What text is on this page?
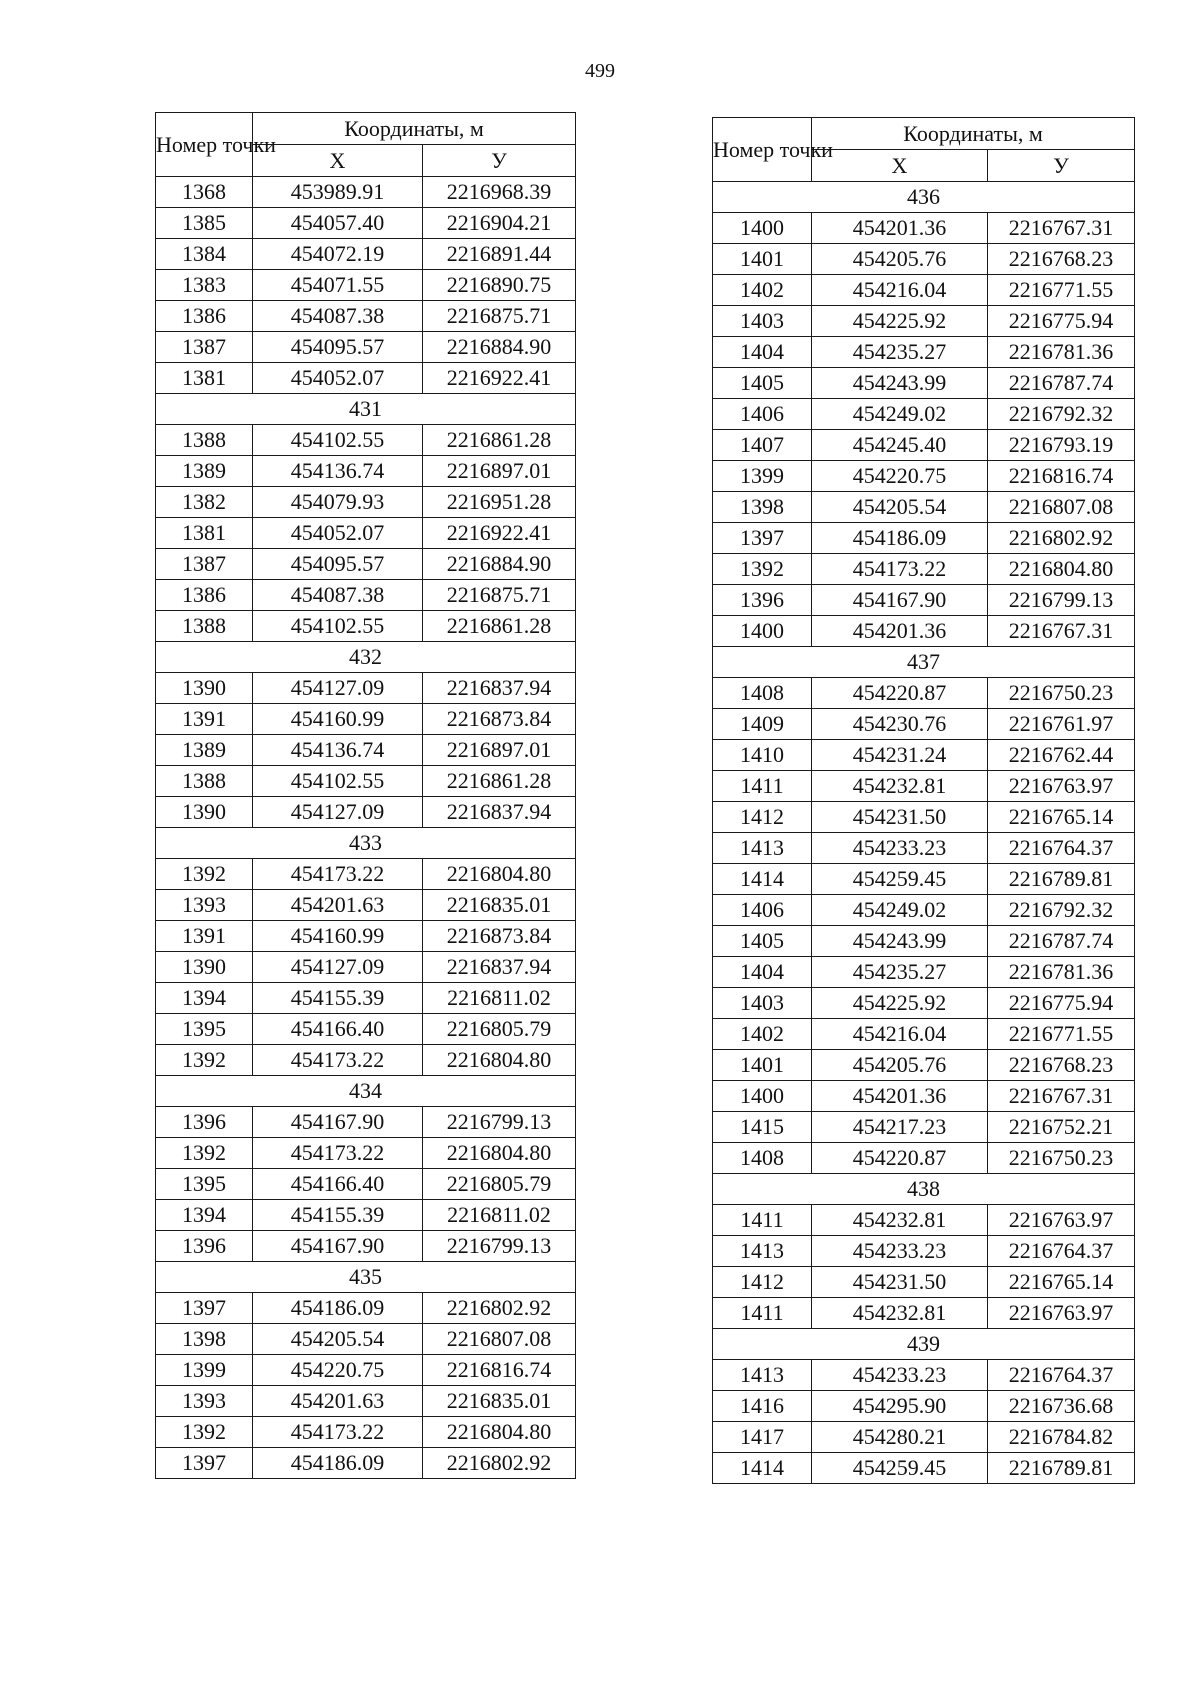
499
Номер точки	Координаты, м	
	Х	У
1368	453989.91	2216968.39
1385	454057.40	2216904.21
1384	454072.19	2216891.44
1383	454071.55	2216890.75
1386	454087.38	2216875.71
1387	454095.57	2216884.90
1381	454052.07	2216922.41
431		
1388	454102.55	2216861.28
1389	454136.74	2216897.01
1382	454079.93	2216951.28
1381	454052.07	2216922.41
1387	454095.57	2216884.90
1386	454087.38	2216875.71
1388	454102.55	2216861.28
432		
1390	454127.09	2216837.94
1391	454160.99	2216873.84
1389	454136.74	2216897.01
1388	454102.55	2216861.28
1390	454127.09	2216837.94
433		
1392	454173.22	2216804.80
1393	454201.63	2216835.01
1391	454160.99	2216873.84
1390	454127.09	2216837.94
1394	454155.39	2216811.02
1395	454166.40	2216805.79
1392	454173.22	2216804.80
434		
1396	454167.90	2216799.13
1392	454173.22	2216804.80
1395	454166.40	2216805.79
1394	454155.39	2216811.02
1396	454167.90	2216799.13
435		
1397	454186.09	2216802.92
1398	454205.54	2216807.08
1399	454220.75	2216816.74
1393	454201.63	2216835.01
1392	454173.22	2216804.80
1397	454186.09	2216802.92
Номер точки	Координаты, м	
	Х	У
436		
1400	454201.36	2216767.31
1401	454205.76	2216768.23
1402	454216.04	2216771.55
1403	454225.92	2216775.94
1404	454235.27	2216781.36
1405	454243.99	2216787.74
1406	454249.02	2216792.32
1407	454245.40	2216793.19
1399	454220.75	2216816.74
1398	454205.54	2216807.08
1397	454186.09	2216802.92
1392	454173.22	2216804.80
1396	454167.90	2216799.13
1400	454201.36	2216767.31
437		
1408	454220.87	2216750.23
1409	454230.76	2216761.97
1410	454231.24	2216762.44
1411	454232.81	2216763.97
1412	454231.50	2216765.14
1413	454233.23	2216764.37
1414	454259.45	2216789.81
1406	454249.02	2216792.32
1405	454243.99	2216787.74
1404	454235.27	2216781.36
1403	454225.92	2216775.94
1402	454216.04	2216771.55
1401	454205.76	2216768.23
1400	454201.36	2216767.31
1415	454217.23	2216752.21
1408	454220.87	2216750.23
438		
1411	454232.81	2216763.97
1413	454233.23	2216764.37
1412	454231.50	2216765.14
1411	454232.81	2216763.97
439		
1413	454233.23	2216764.37
1416	454295.90	2216736.68
1417	454280.21	2216784.82
1414	454259.45	2216789.81
